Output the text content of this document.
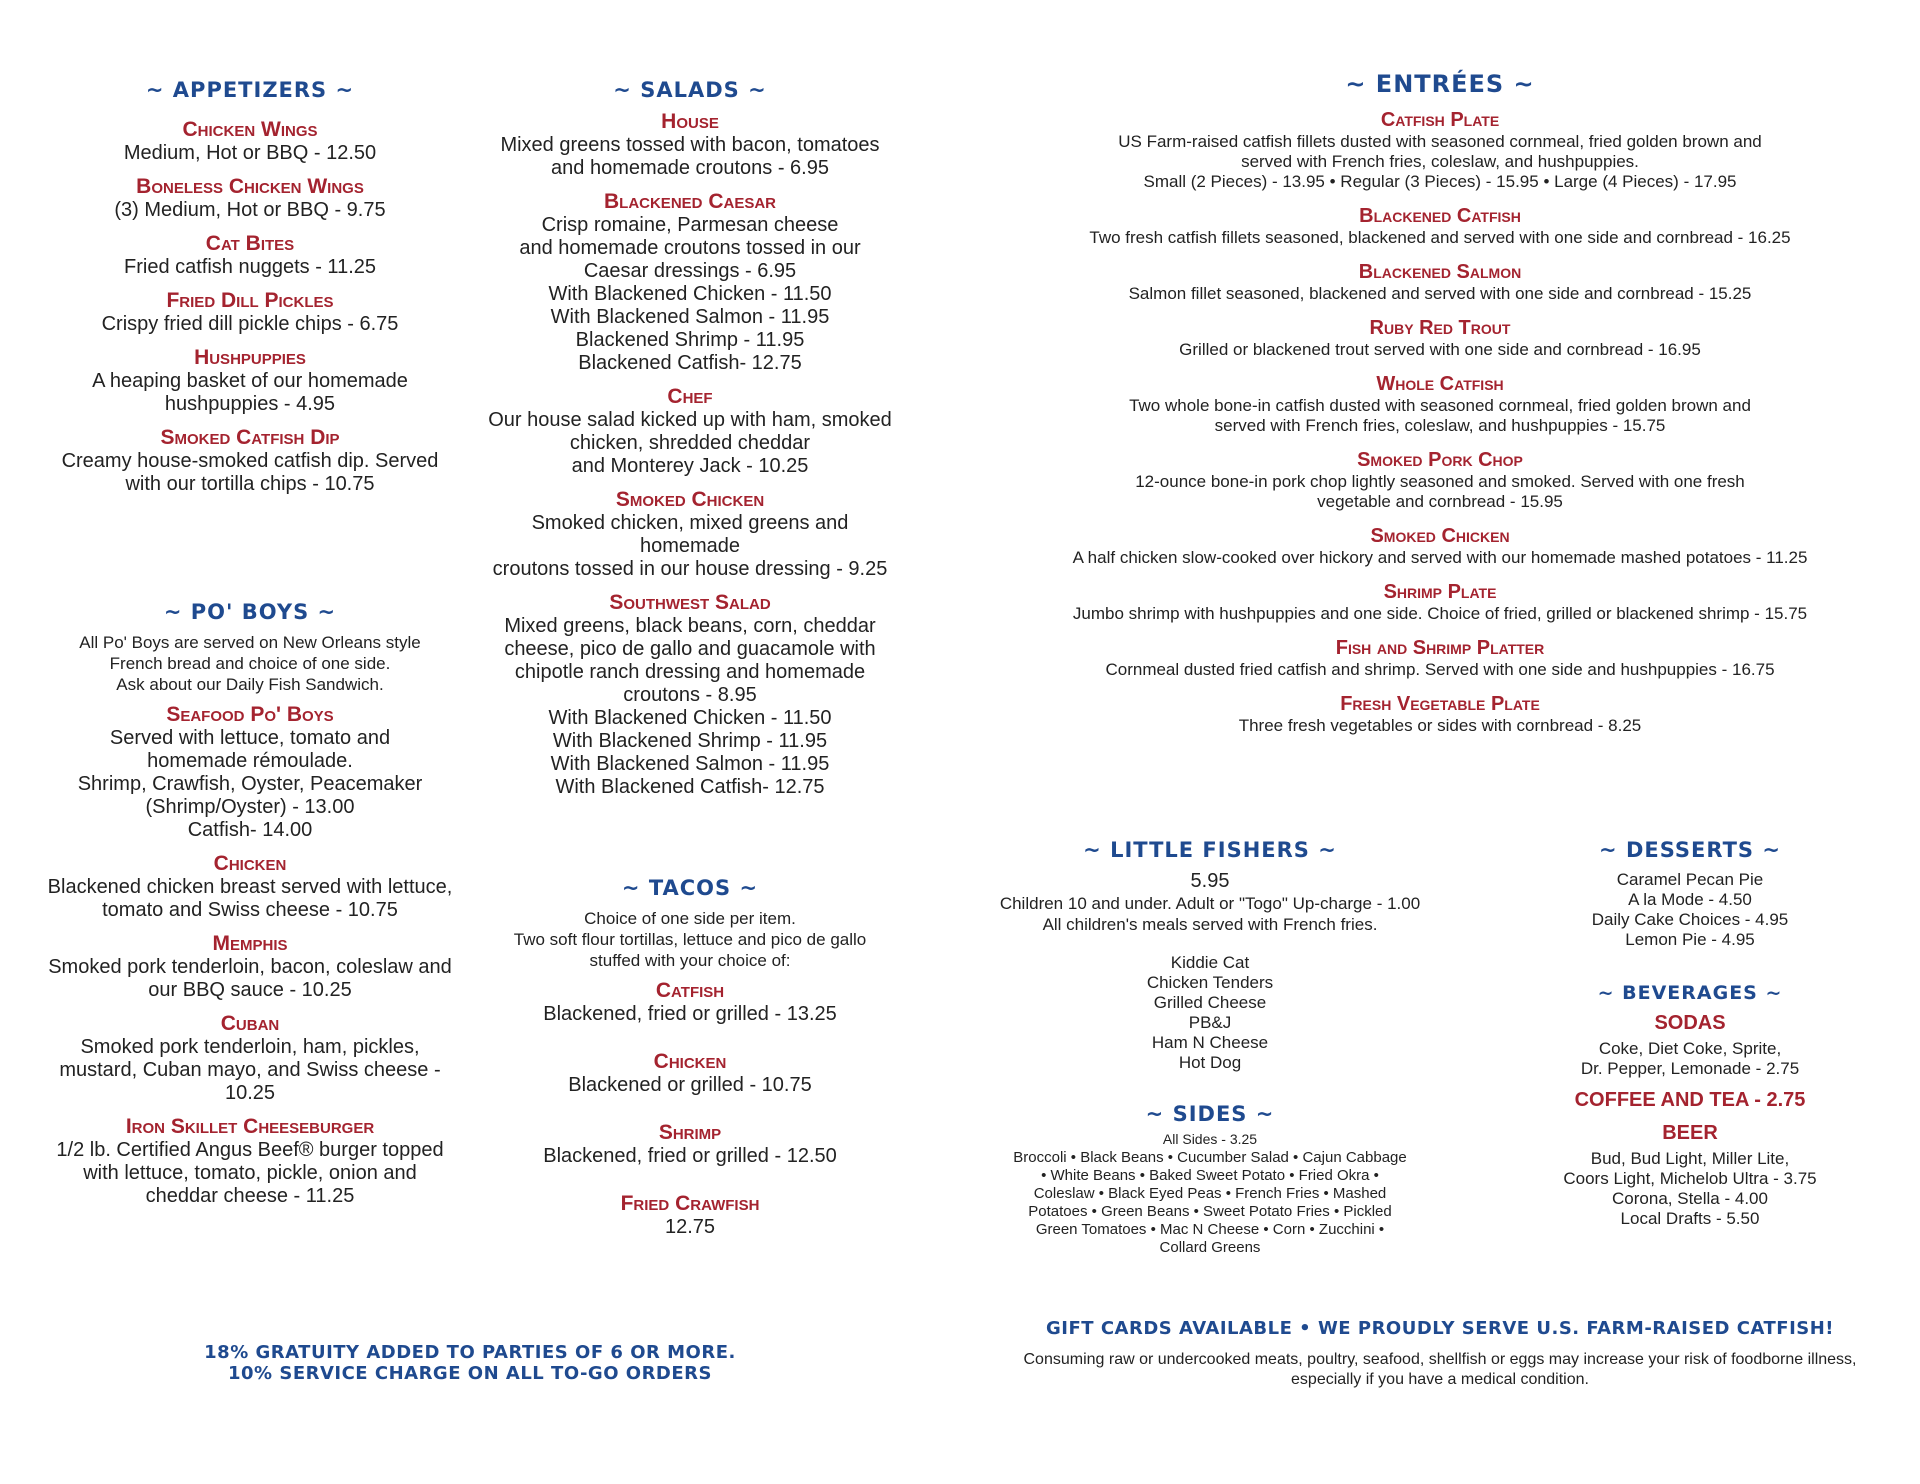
~ APPETIZERS ~
Chicken Wings
Medium, Hot or BBQ - 12.50
Boneless Chicken Wings
(3) Medium, Hot or BBQ - 9.75
Cat Bites
Fried catfish nuggets - 11.25
Fried Dill Pickles
Crispy fried dill pickle chips - 6.75
Hushpuppies
A heaping basket of our homemade
hushpuppies - 4.95
Smoked Catfish Dip
Creamy house-smoked catfish dip. Served
with our tortilla chips - 10.75
~ PO' BOYS ~
All Po' Boys are served on New Orleans style
French bread and choice of one side.
Ask about our Daily Fish Sandwich.
Seafood Po' Boys
Served with lettuce, tomato and
homemade rémoulade.
Shrimp, Crawfish, Oyster, Peacemaker
(Shrimp/Oyster) - 13.00
Catfish- 14.00
Chicken
Blackened chicken breast served with lettuce,
tomato and Swiss cheese - 10.75
Memphis
Smoked pork tenderloin, bacon, coleslaw and
our BBQ sauce - 10.25
Cuban
Smoked pork tenderloin, ham, pickles,
mustard, Cuban mayo, and Swiss cheese -
10.25
Iron Skillet Cheeseburger
1/2 lb. Certified Angus Beef® burger topped
with lettuce, tomato, pickle, onion and
cheddar cheese - 11.25
~ SALADS ~
House
Mixed greens tossed with bacon, tomatoes
and homemade croutons - 6.95
Blackened Caesar
Crisp romaine, Parmesan cheese
and homemade croutons tossed in our
Caesar dressings - 6.95
With Blackened Chicken - 11.50
With Blackened Salmon - 11.95
Blackened Shrimp - 11.95
Blackened Catfish- 12.75
Chef
Our house salad kicked up with ham, smoked
chicken, shredded cheddar
and Monterey Jack - 10.25
Smoked Chicken
Smoked chicken, mixed greens and
homemade
croutons tossed in our house dressing - 9.25
Southwest Salad
Mixed greens, black beans, corn, cheddar
cheese, pico de gallo and guacamole with
chipotle ranch dressing and homemade
croutons - 8.95
With Blackened Chicken - 11.50
With Blackened Shrimp - 11.95
With Blackened Salmon - 11.95
With Blackened Catfish- 12.75
~ TACOS ~
Choice of one side per item.
Two soft flour tortillas, lettuce and pico de gallo
stuffed with your choice of:
Catfish
Blackened, fried or grilled - 13.25
Chicken
Blackened or grilled - 10.75
Shrimp
Blackened, fried or grilled - 12.50
Fried Crawfish
12.75
18% GRATUITY ADDED TO PARTIES OF 6 OR MORE.
10% SERVICE CHARGE ON ALL TO-GO ORDERS
~ ENTRÉES ~
Catfish Plate
US Farm-raised catfish fillets dusted with seasoned cornmeal, fried golden brown and
served with French fries, coleslaw, and hushpuppies.
Small (2 Pieces) - 13.95 • Regular (3 Pieces) - 15.95 • Large (4 Pieces) - 17.95
Blackened Catfish
Two fresh catfish fillets seasoned, blackened and served with one side and cornbread - 16.25
Blackened Salmon
Salmon fillet seasoned, blackened and served with one side and cornbread - 15.25
Ruby Red Trout
Grilled or blackened trout served with one side and cornbread - 16.95
Whole Catfish
Two whole bone-in catfish dusted with seasoned cornmeal, fried golden brown and
served with French fries, coleslaw, and hushpuppies - 15.75
Smoked Pork Chop
12-ounce bone-in pork chop lightly seasoned and smoked. Served with one fresh
vegetable and cornbread - 15.95
Smoked Chicken
A half chicken slow-cooked over hickory and served with our homemade mashed potatoes - 11.25
Shrimp Plate
Jumbo shrimp with hushpuppies and one side. Choice of fried, grilled or blackened shrimp - 15.75
Fish and Shrimp Platter
Cornmeal dusted fried catfish and shrimp. Served with one side and hushpuppies - 16.75
Fresh Vegetable Plate
Three fresh vegetables or sides with cornbread - 8.25
~ LITTLE FISHERS ~
5.95
Children 10 and under. Adult or "Togo" Up-charge - 1.00
All children's meals served with French fries.
Kiddie Cat
Chicken Tenders
Grilled Cheese
PB&J
Ham N Cheese
Hot Dog
~ SIDES ~
All Sides - 3.25
Broccoli • Black Beans • Cucumber Salad • Cajun Cabbage
• White Beans • Baked Sweet Potato • Fried Okra •
Coleslaw • Black Eyed Peas • French Fries • Mashed
Potatoes • Green Beans • Sweet Potato Fries • Pickled
Green Tomatoes • Mac N Cheese • Corn • Zucchini •
Collard Greens
~ DESSERTS ~
Caramel Pecan Pie
A la Mode - 4.50
Daily Cake Choices - 4.95
Lemon Pie - 4.95
~ BEVERAGES ~
SODAS
Coke, Diet Coke, Sprite,
Dr. Pepper, Lemonade - 2.75
COFFEE AND TEA - 2.75
BEER
Bud, Bud Light, Miller Lite,
Coors Light, Michelob Ultra - 3.75
Corona, Stella - 4.00
Local Drafts - 5.50
GIFT CARDS AVAILABLE • WE PROUDLY SERVE U.S. FARM-RAISED CATFISH!
Consuming raw or undercooked meats, poultry, seafood, shellfish or eggs may increase your risk of foodborne illness,
especially if you have a medical condition.
